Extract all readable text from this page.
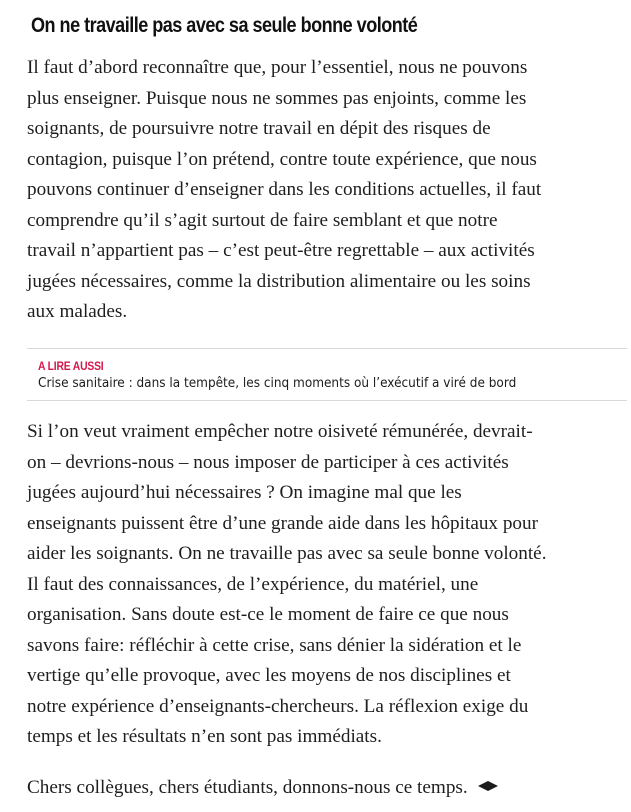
On ne travaille pas avec sa seule bonne volonté

Il faut d’abord reconnaître que, pour l’essentiel, nous ne pouvons
plus enseigner. Puisque nous ne sommes pas enjoints, comme les
soignants, de poursuivre notre travail en dépit des risques de
contagion, puisque l’on prétend, contre toute expérience, que nous
pouvons continuer d’enseigner dans les conditions actuelles, il faut
comprendre qu’il s’agit surtout de faire semblant et que notre
travail n’appartient pas – c’est peut-être regrettable – aux activités
jugées nécessaires, comme la distribution alimentaire ou les soins
aux malades.

A LIRE AUSSI
Crise sanitaire : dans la tempête, les cinq moments où l’exécutif a viré de bord

Si l’on veut vraiment empêcher notre oisiveté rémunérée, devrait-
on – devrions-nous – nous imposer de participer à ces activités
jugées aujourd’hui nécessaires ? On imagine mal que les
enseignants puissent être d’une grande aide dans les hôpitaux pour
aider les soignants. On ne travaille pas avec sa seule bonne volonté.
Il faut des connaissances, de l’expérience, du matériel, une
organisation. Sans doute est-ce le moment de faire ce que nous
savons faire: réfléchir à cette crise, sans dénier la sidération et le
vertige qu’elle provoque, avec les moyens de nos disciplines et
notre expérience d’enseignants-chercheurs. La réflexion exige du
temps et les résultats n’en sont pas immédiats.

Chers collègues, chers étudiants, donnons-nous ce temps.
